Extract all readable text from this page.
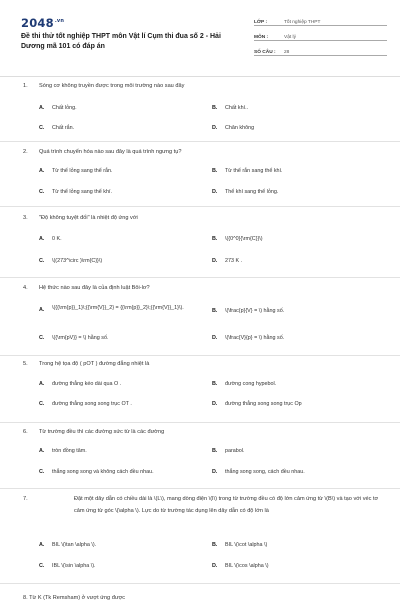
$2048^{.vn}$
Đề thi thử tốt nghiệp THPT môn Vật lí Cụm thi đua số 2 - Hải Dương mã 101 có đáp án
LỚP :	Tốt nghiệp THPT
MÔN :	Vật lý
SỐ CÂU :	28
1. Sóng cơ không truyền được trong môi trường nào sau đây
A. Chất lỏng.	B. Chất khí..
C. Chất rắn.	D. Chân không
2. Quá trình chuyển hóa nào sau đây là quá trình ngưng tụ?
A. Từ thể lỏng sang thể rắn.	B. Từ thể rắn sang thể khí.
C. Từ thể lỏng sang thể khí.	D. Thể khí sang thể lỏng.
3. "Độ không tuyệt đối" là nhiệt độ ứng với
A. 0 K.	B. \({0^0}{\rm{C}}\)
C. \((273^\circ )\rm{C}}\)	D. 273 K .
4. Hệ thức nào sau đây là của định luật Bôi-lơ?
A. \({{\rm{p}}_1}\;{{\rm{V}}_2} = {{\rm{p}}_2}\;{{\rm{V}}_1}\).	B. \(\frac{p}{V} = \) hằng số.
C. \({\rm{pV}} = \) hằng số.	D. \(\frac{V}{p} = \) hằng số.
5. Trong hệ tọa độ ( pOT ) đường đẳng nhiệt là
A. đường thẳng kéo dài qua O .	B. đường cong hypebol.
C. đường thẳng song song trục OT .	D. đường thẳng song song trục Op
6. Từ trường đều thì các đường sức từ là các đường
A. tròn đồng tâm.	B. parabol.
C. thẳng song song và không cách đều nhau.	D. thẳng song song, cách đều nhau.
7.	Đặt một dây dẫn có chiều dài là \(L\), mang dòng điện \(I\) trong từ trường đều có độ lớn cảm ứng từ \(B\) và tạo với véc tơ cảm ứng từ góc \(\alpha \). Lực do từ trường tác dụng lên dây dẫn có độ lớn là
A. BIL \(\tan \alpha \).	B. BIL \(\cot \alpha \)
C. IBL \(\sin \alpha \).	D. BIL \(\cos \alpha \)
8. Từ K (Tk Remsham) ở vượt ứng được
